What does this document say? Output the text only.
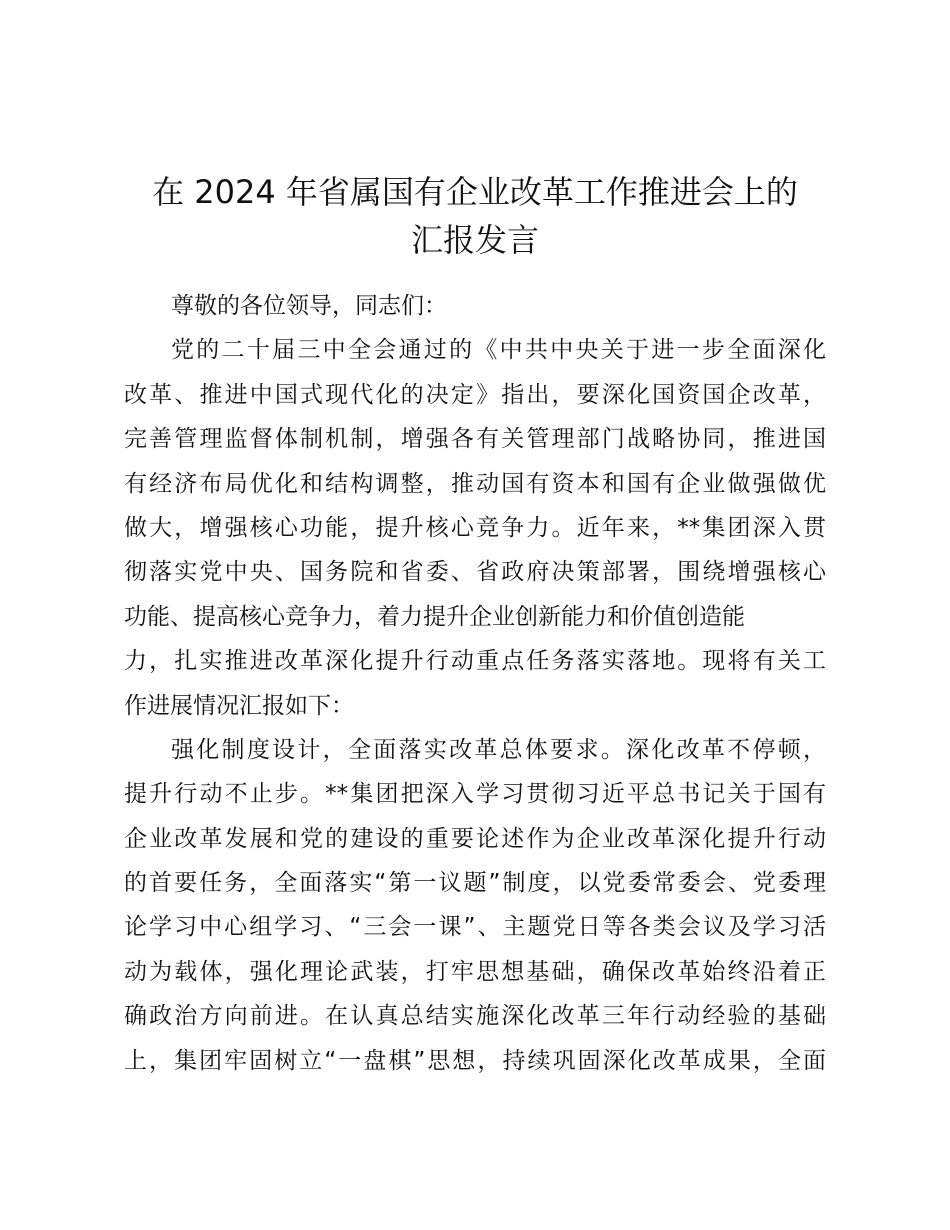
在 2024 年省属国有企业改革工作推进会上的
汇报发言
尊敬的各位领导，同志们：
党的二十届三中全会通过的《中共中央关于进一步全面深化
改革、推进中国式现代化的决定》指出，要深化国资国企改革，
完善管理监督体制机制，增强各有关管理部门战略协同，推进国
有经济布局优化和结构调整，推动国有资本和国有企业做强做优
做大，增强核心功能，提升核心竞争力。近年来，**集团深入贯
彻落实党中央、国务院和省委、省政府决策部署，围绕增强核心
功能、提高核心竞争力，着力提升企业创新能力和价值创造能
力，扎实推进改革深化提升行动重点任务落实落地。现将有关工
作进展情况汇报如下：
强化制度设计，全面落实改革总体要求。深化改革不停顿，
提升行动不止步。**集团把深入学习贯彻习近平总书记关于国有
企业改革发展和党的建设的重要论述作为企业改革深化提升行动
的首要任务，全面落实“第一议题”制度，以党委常委会、党委理
论学习中心组学习、“三会一课”、主题党日等各类会议及学习活
动为载体，强化理论武装，打牢思想基础，确保改革始终沿着正
确政治方向前进。在认真总结实施深化改革三年行动经验的基础
上，集团牢固树立“一盘棋”思想，持续巩固深化改革成果，全面
